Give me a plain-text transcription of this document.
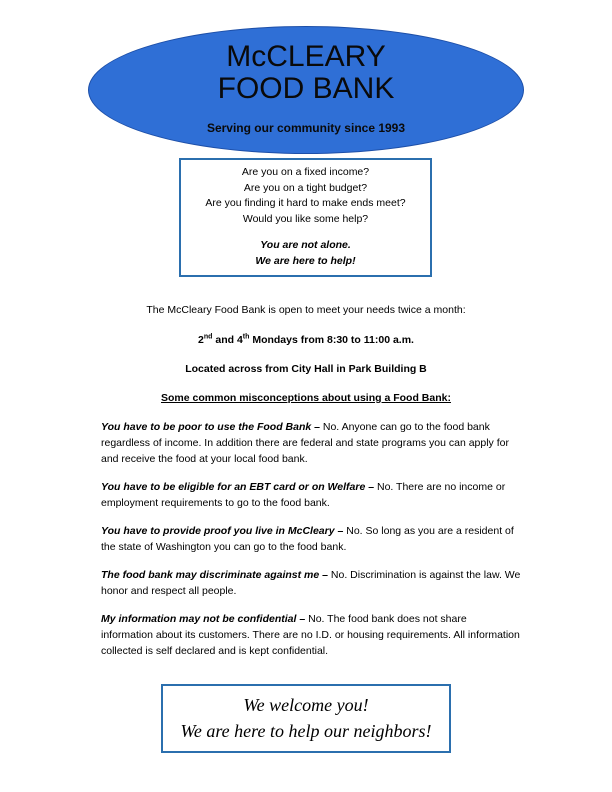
McCLEARY
FOOD BANK
Serving our community since 1993
Are you on a fixed income?
Are you on a tight budget?
Are you finding it hard to make ends meet?
Would you like some help?
You are not alone.
We are here to help!
The McCleary Food Bank is open to meet your needs twice a month:
2nd and 4th Mondays from 8:30 to 11:00 a.m.
Located across from City Hall in Park Building B
Some common misconceptions about using a Food Bank:

You have to be poor to use the Food Bank – No. Anyone can go to the food bank regardless of income. In addition there are federal and state programs you can apply for and receive the food at your local food bank.

You have to be eligible for an EBT card or on Welfare – No. There are no income or employment requirements to go to the food bank.

You have to provide proof you live in McCleary – No. So long as you are a resident of the state of Washington you can go to the food bank.

The food bank may discriminate against me – No. Discrimination is against the law. We honor and respect all people.

My information may not be confidential – No. The food bank does not share information about its customers. There are no I.D. or housing requirements. All information collected is self declared and is kept confidential.

We welcome you!
We are here to help our neighbors!
